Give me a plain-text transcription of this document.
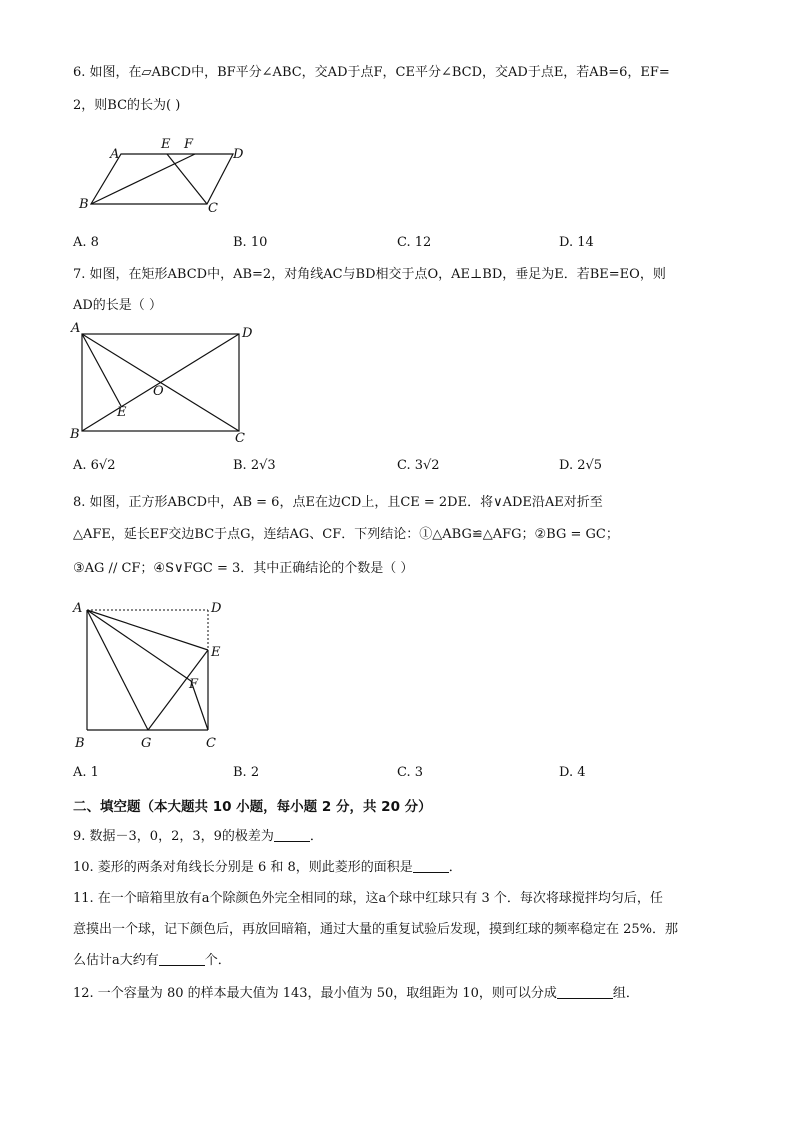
6. 如图，在▱ABCD中，BF平分∠ABC，交AD于点F，CE平分∠BCD，交AD于点E，若AB=6，EF=
2，则BC的长为( )
A
E F
D
B	C
A. 8	B. 10	C. 12	D. 14
7. 如图，在矩形ABCD中，AB=2，对角线AC与BD相交于点O，AE⊥BD，垂足为E．若BE=EO，则
AD的长是（ ）
A	D
O
E
B	C
A. 6√2	B. 2√3	C. 3√2	D. 2√5
8. 如图，正方形ABCD中，AB = 6，点E在边CD上，且CE = 2DE．将∨ADE沿AE对折至
△AFE，延长EF交边BC于点G，连结AG、CF．下列结论：①△ABG≌△AFG；②BG = GC；
③AG // CF；④S∨FGC = 3．其中正确结论的个数是（ ）
A	D
E
F
B	G	C
A. 1	B. 2	C. 3	D. 4
二、填空题（本大题共 10 小题，每小题 2 分，共 20 分）
9. 数据－3，0，2，3，9的极差为	．
10. 菱形的两条对角线长分别是 6 和 8，则此菱形的面积是	．
11. 在一个暗箱里放有a个除颜色外完全相同的球，这a个球中红球只有 3 个．每次将球搅拌均匀后，任
意摸出一个球，记下颜色后，再放回暗箱，通过大量的重复试验后发现，摸到红球的频率稳定在 25%．那
么估计a大约有	个．
12. 一个容量为 80 的样本最大值为 143，最小值为 50，取组距为 10，则可以分成	组．
